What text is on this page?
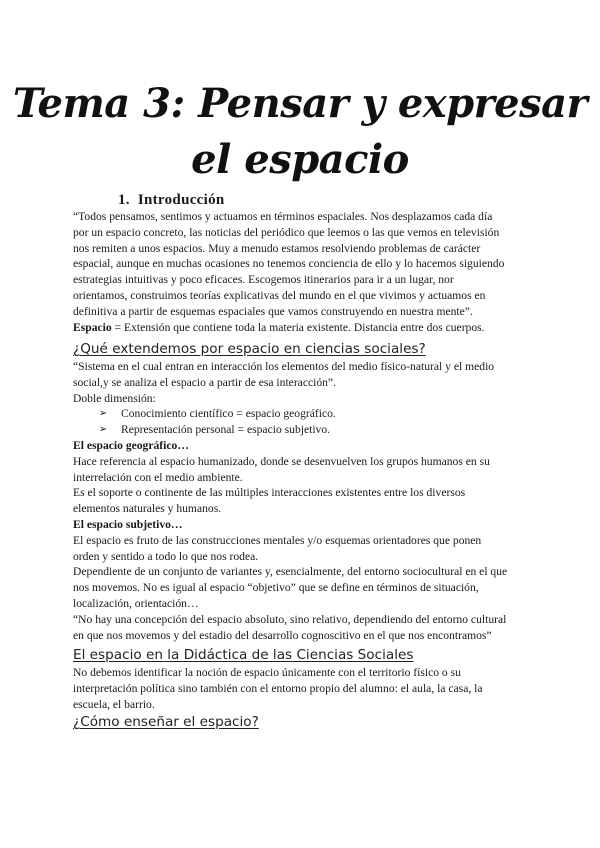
Tema 3: Pensar y expresar
el espacio
1. Introducción

“Todos pensamos, sentimos y actuamos en términos espaciales. Nos desplazamos cada día

por un espacio concreto, las noticias del periódico que leemos o las que vemos en televisión

nos remiten a unos espacios. Muy a menudo estamos resolviendo problemas de carácter

espacial, aunque en muchas ocasiones no tenemos conciencia de ello y lo hacemos siguiendo

estrategias intuitivas y poco eficaces. Escogemos itinerarios para ir a un lugar, nor

orientamos, construimos teorías explicativas del mundo en el que vivimos y actuamos en

definitiva a partir de esquemas espaciales que vamos construyendo en nuestra mente”.

Espacio = Extensión que contiene toda la materia existente. Distancia entre dos cuerpos.

¿Qué extendemos por espacio en ciencias sociales?

“Sistema en el cual entran en interacción los elementos del medio físico-natural y el medio

social,y se analiza el espacio a partir de esa interacción”.

Doble dimensión:

➢ Conocimiento científico = espacio geográfico.
➢ Representación personal = espacio subjetivo.

El espacio geográfico…

Hace referencia al espacio humanizado, donde se desenvuelven los grupos humanos en su

interrelación con el medio ambiente.

Es el soporte o continente de las múltiples interacciones existentes entre los diversos

elementos naturales y humanos.

El espacio subjetivo…

El espacio es fruto de las construcciones mentales y/o esquemas orientadores que ponen

orden y sentido a todo lo que nos rodea.

Dependiente de un conjunto de variantes y, esencialmente, del entorno sociocultural en el que

nos movemos. No es igual al espacio “objetivo” que se define en términos de situación,

localización, orientación…

“No hay una concepción del espacio absoluto, sino relativo, dependiendo del entorno cultural

en que nos movemos y del estadio del desarrollo cognoscitivo en el que nos encontramos”

El espacio en la Didáctica de las Ciencias Sociales

No debemos identificar la noción de espacio únicamente con el territorio físico o su

interpretación política sino también con el entorno propio del alumno: el aula, la casa, la

escuela, el barrio.

¿Cómo enseñar el espacio?
